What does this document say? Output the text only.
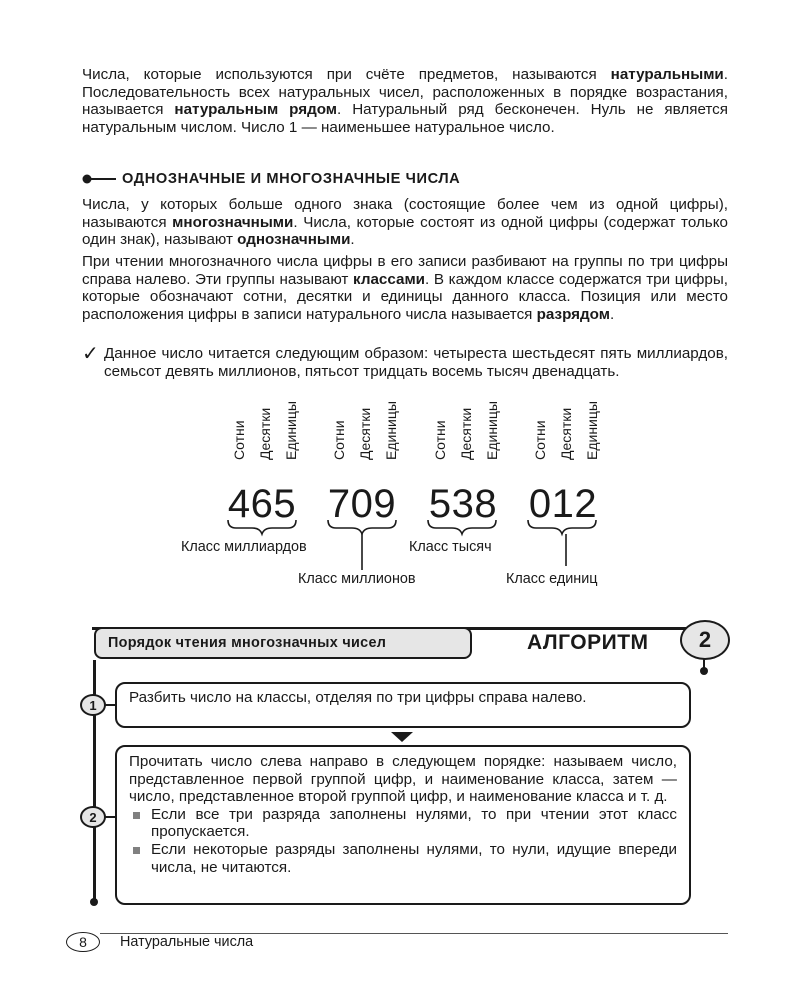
Числа, которые используются при счёте предметов, называются натуральными. Последовательность всех натуральных чисел, расположенных в порядке возрастания, называется натуральным рядом. Натуральный ряд бесконечен. Нуль не является натуральным числом. Число 1 — наименьшее натуральное число.

ОДНОЗНАЧНЫЕ И МНОГОЗНАЧНЫЕ ЧИСЛА

Числа, у которых больше одного знака (состоящие более чем из одной цифры), называются многозначными. Числа, которые состоят из одной цифры (содержат только один знак), называют однозначными.

При чтении многозначного числа цифры в его записи разбивают на группы по три цифры справа налево. Эти группы называют классами. В каждом классе содержатся три цифры, которые обозначают сотни, десятки и единицы данного класса. Позиция или место расположения цифры в записи натурального числа называется разрядом.

✓ Данное число читается следующим образом: четыреста шестьдесят пять миллиардов, семьсот девять миллионов, пятьсот тридцать восемь тысяч двенадцать.

Сотни Десятки Единицы
465
Сотни Десятки Единицы
709
Сотни Десятки Единицы
538
Сотни Десятки Единицы
012
Класс миллиардов
Класс миллионов
Класс тысяч
Класс единиц
Порядок чтения многозначных чисел	АЛГОРИТМ	2
1	Разбить число на классы, отделяя по три цифры справа налево.
2
Прочитать число слева направо в следующем порядке: называем число, представленное первой группой цифр, и наименование класса, затем — число, представленное второй группой цифр, и наименование класса и т. д.
Если все три разряда заполнены нулями, то при чтении этот класс пропускается.
Если некоторые разряды заполнены нулями, то нули, идущие впереди числа, не читаются.
8	Натуральные числа
